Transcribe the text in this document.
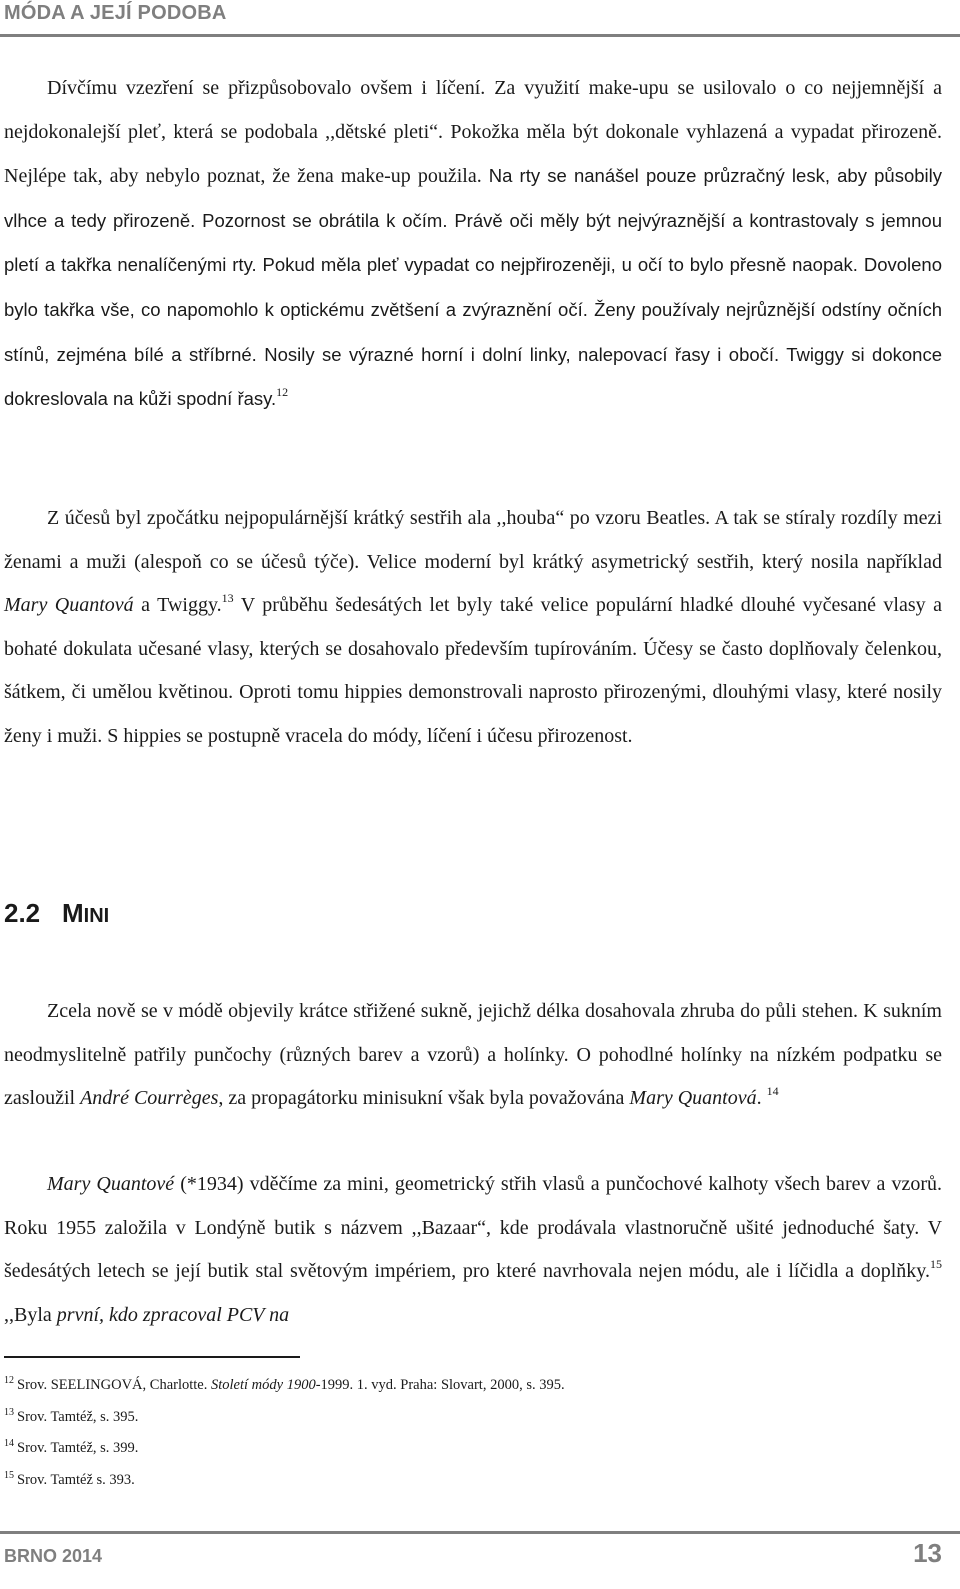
MÓDA A JEJÍ PODOBA

Dívčímu vzezření se přizpůsobovalo ovšem i líčení. Za využití make-upu se usilovalo o co nejjemnější a nejdokonalejší pleť, která se podobala ,,dětské pleti“. Pokožka měla být dokonale vyhlazená a vypadat přirozeně. Nejlépe tak, aby nebylo poznat, že žena make-up použila. Na rty se nanášel pouze průzračný lesk, aby působily vlhce a tedy přirozeně. Pozornost se obrátila k očím. Právě oči měly být nejvýraznější a kontrastovaly s jemnou pletí a takřka nenalíčenými rty. Pokud měla pleť vypadat co nejpřirozeněji, u očí to bylo přesně naopak. Dovoleno bylo takřka vše, co napomohlo k optickému zvětšení a zvýraznění očí. Ženy používaly nejrůznější odstíny očních stínů, zejména bílé a stříbrné. Nosily se výrazné horní i dolní linky, nalepovací řasy i obočí. Twiggy si dokonce dokreslovala na kůži spodní řasy.$^{12}$

Z účesů byl zpočátku nejpopulárnější krátký sestřih ala ,,houba“ po vzoru Beatles. A tak se stíraly rozdíly mezi ženami a muži (alespoň co se účesů týče). Velice moderní byl krátký asymetrický sestřih, který nosila například Mary Quantová a Twiggy.$^{13}$ V průběhu šedesátých let byly také velice populární hladké dlouhé vyčesané vlasy a bohaté dokulata učesané vlasy, kterých se dosahovalo především tupírováním. Účesy se často doplňovaly čelenkou, šátkem, či umělou květinou. Oproti tomu hippies demonstrovali naprosto přirozenými, dlouhými vlasy, které nosily ženy i muži. S hippies se postupně vracela do módy, líčení i účesu přirozenost.

2.2 MINI

Zcela nově se v módě objevily krátce střižené sukně, jejichž délka dosahovala zhruba do půli stehen. K sukním neodmyslitelně patřily punčochy (různých barev a vzorů) a holínky. O pohodlné holínky na nízkém podpatku se zasloužil André Courrèges, za propagátorku minisukní však byla považována Mary Quantová. $^{14}$

Mary Quantové (*1934) vděčíme za mini, geometrický střih vlasů a punčochové kalhoty všech barev a vzorů. Roku 1955 založila v Londýně butik s názvem ,,Bazaar“, kde prodávala vlastnoručně ušité jednoduché šaty. V šedesátých letech se její butik stal světovým impériem, pro které navrhovala nejen módu, ale i líčidla a doplňky.$^{15}$ ,,Byla první, kdo zpracoval PCV na

$^{12}$ Srov. SEELINGOVÁ, Charlotte. Století módy 1900-1999. 1. vyd. Praha: Slovart, 2000, s. 395.
$^{13}$ Srov. Tamtéž, s. 395.
$^{14}$ Srov. Tamtéž, s. 399.
$^{15}$ Srov. Tamtéž s. 393.
BRNO 2014	13
